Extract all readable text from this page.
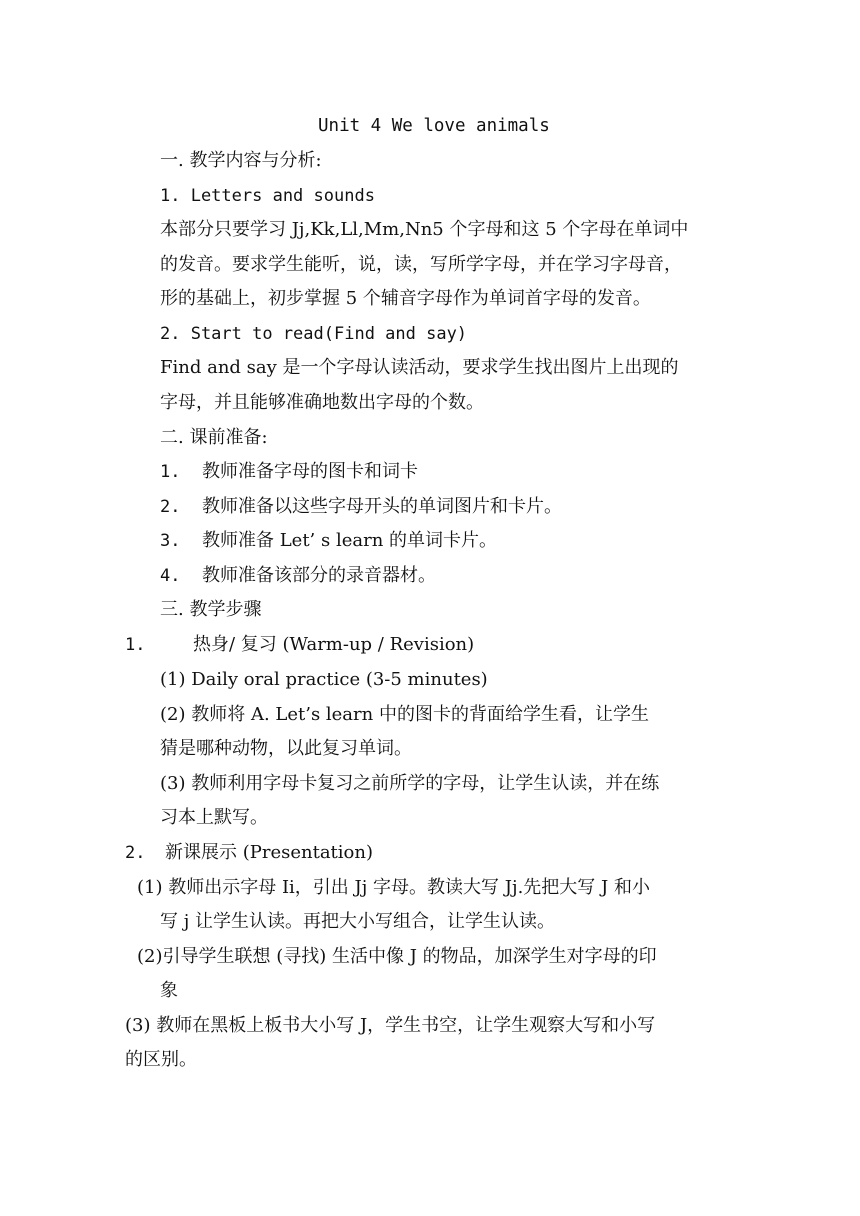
Unit 4 We love animals
一. 教学内容与分析:
1. Letters and sounds
本部分只要学习 Jj,Kk,Ll,Mm,Nn5 个字母和这 5 个字母在单词中
的发音。要求学生能听，说，读，写所学字母，并在学习字母音，
形的基础上，初步掌握 5 个辅音字母作为单词首字母的发音。
2. Start to read(Find and say)
Find and say 是一个字母认读活动，要求学生找出图片上出现的
字母，并且能够准确地数出字母的个数。
二. 课前准备:
1. 教师准备字母的图卡和词卡
2. 教师准备以这些字母开头的单词图片和卡片。
3. 教师准备 Let’ s learn 的单词卡片。
4. 教师准备该部分的录音器材。
三. 教学步骤
1.	热身/ 复习 (Warm-up / Revision)
(1) Daily oral practice (3-5 minutes)
(2) 教师将 A. Let’s learn 中的图卡的背面给学生看，让学生
猜是哪种动物，以此复习单词。
(3) 教师利用字母卡复习之前所学的字母，让学生认读，并在练
习本上默写。
2. 新课展示 (Presentation)
(1) 教师出示字母 Ii，引出 Jj 字母。教读大写 Jj.先把大写 J 和小
写 j 让学生认读。再把大小写组合，让学生认读。
(2)引导学生联想 (寻找) 生活中像 J 的物品，加深学生对字母的印
象
(3) 教师在黑板上板书大小写 J，学生书空，让学生观察大写和小写
的区别。
